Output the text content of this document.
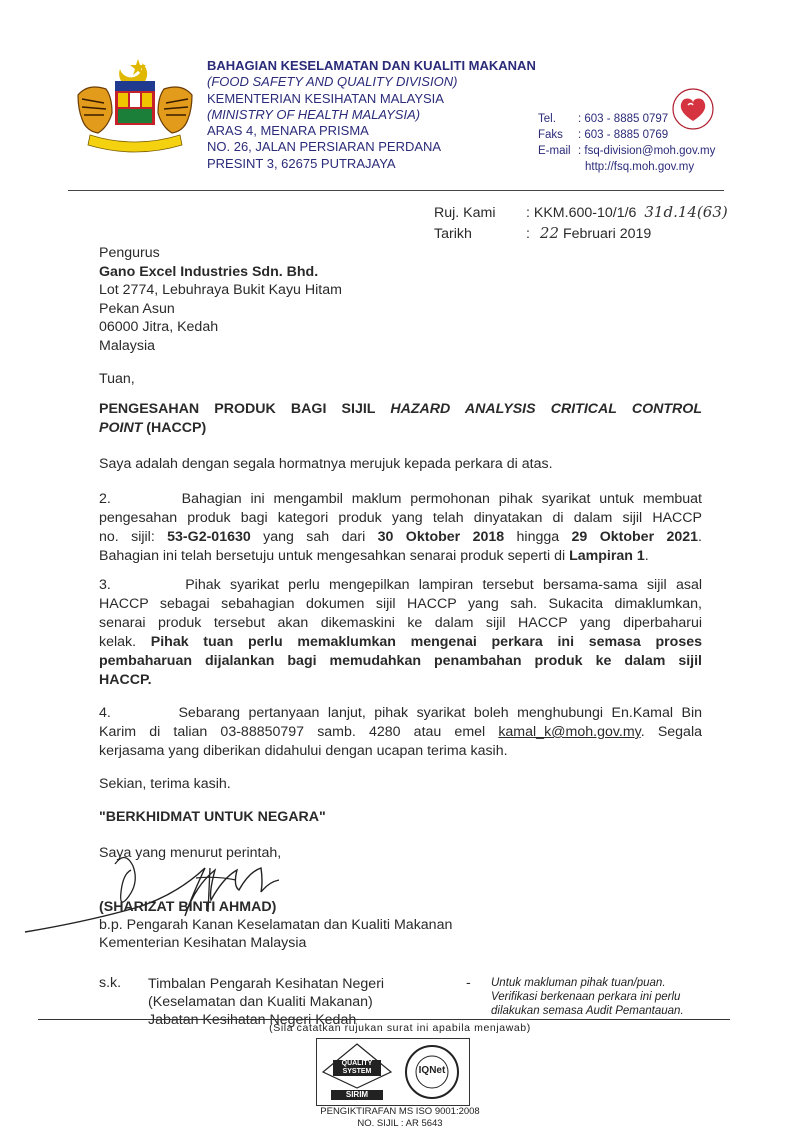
BAHAGIAN KESELAMATAN DAN KUALITI MAKANAN
(FOOD SAFETY AND QUALITY DIVISION)
KEMENTERIAN KESIHATAN MALAYSIA
(MINISTRY OF HEALTH MALAYSIA)
ARAS 4, MENARA PRISMA
NO. 26, JALAN PERSIARAN PERDANA
PRESINT 3, 62675 PUTRAJAYA
Tel. : 603 - 8885 0797
Faks : 603 - 8885 0769
E-mail : fsq-division@moh.gov.my
http://fsq.moh.gov.my
Ruj. Kami : KKM.600-10/1/6 31d.14(63)
Tarikh	: 22 Februari 2019
Pengurus
Gano Excel Industries Sdn. Bhd.
Lot 2774, Lebuhraya Bukit Kayu Hitam
Pekan Asun
06000 Jitra, Kedah
Malaysia
Tuan,
PENGESAHAN PRODUK BAGI SIJIL HAZARD ANALYSIS CRITICAL CONTROL
POINT (HACCP)
Saya adalah dengan segala hormatnya merujuk kepada perkara di atas.
2.        Bahagian ini mengambil maklum permohonan pihak syarikat untuk membuat
pengesahan produk bagi kategori produk yang telah dinyatakan di dalam sijil HACCP
no. sijil: 53-G2-01630 yang sah dari 30 Oktober 2018 hingga 29 Oktober 2021.
Bahagian ini telah bersetuju untuk mengesahkan senarai produk seperti di Lampiran 1.
3.        Pihak syarikat perlu mengepilkan lampiran tersebut bersama-sama sijil asal
HACCP sebagai sebahagian dokumen sijil HACCP yang sah. Sukacita dimaklumkan,
senarai produk tersebut akan dikemaskini ke dalam sijil HACCP yang diperbaharui
kelak. Pihak tuan perlu memaklumkan mengenai perkara ini semasa proses
pembaharuan dijalankan bagi memudahkan penambahan produk ke dalam sijil
HACCP.
4.        Sebarang pertanyaan lanjut, pihak syarikat boleh menghubungi En.Kamal Bin
Karim di talian 03-88850797 samb. 4280 atau emel kamal_k@moh.gov.my. Segala
kerjasama yang diberikan didahului dengan ucapan terima kasih.
Sekian, terima kasih.
"BERKHIDMAT UNTUK NEGARA"
Saya yang menurut perintah,
(SHARIZAT BINTI AHMAD)
b.p. Pengarah Kanan Keselamatan dan Kualiti Makanan
Kementerian Kesihatan Malaysia
s.k. Timbalan Pengarah Kesihatan Negeri
(Keselamatan dan Kualiti Makanan)
Jabatan Kesihatan Negeri Kedah
- Untuk makluman pihak tuan/puan.
Verifikasi berkenaan perkara ini perlu
dilakukan semasa Audit Pemantauan.
(Sila catatkan rujukan surat ini apabila menjawab)
QUALITY
SYSTEM
SIRIM
IQNet
PENGIKTIRAFAN MS ISO 9001:2008
NO. SIJIL : AR 5643
